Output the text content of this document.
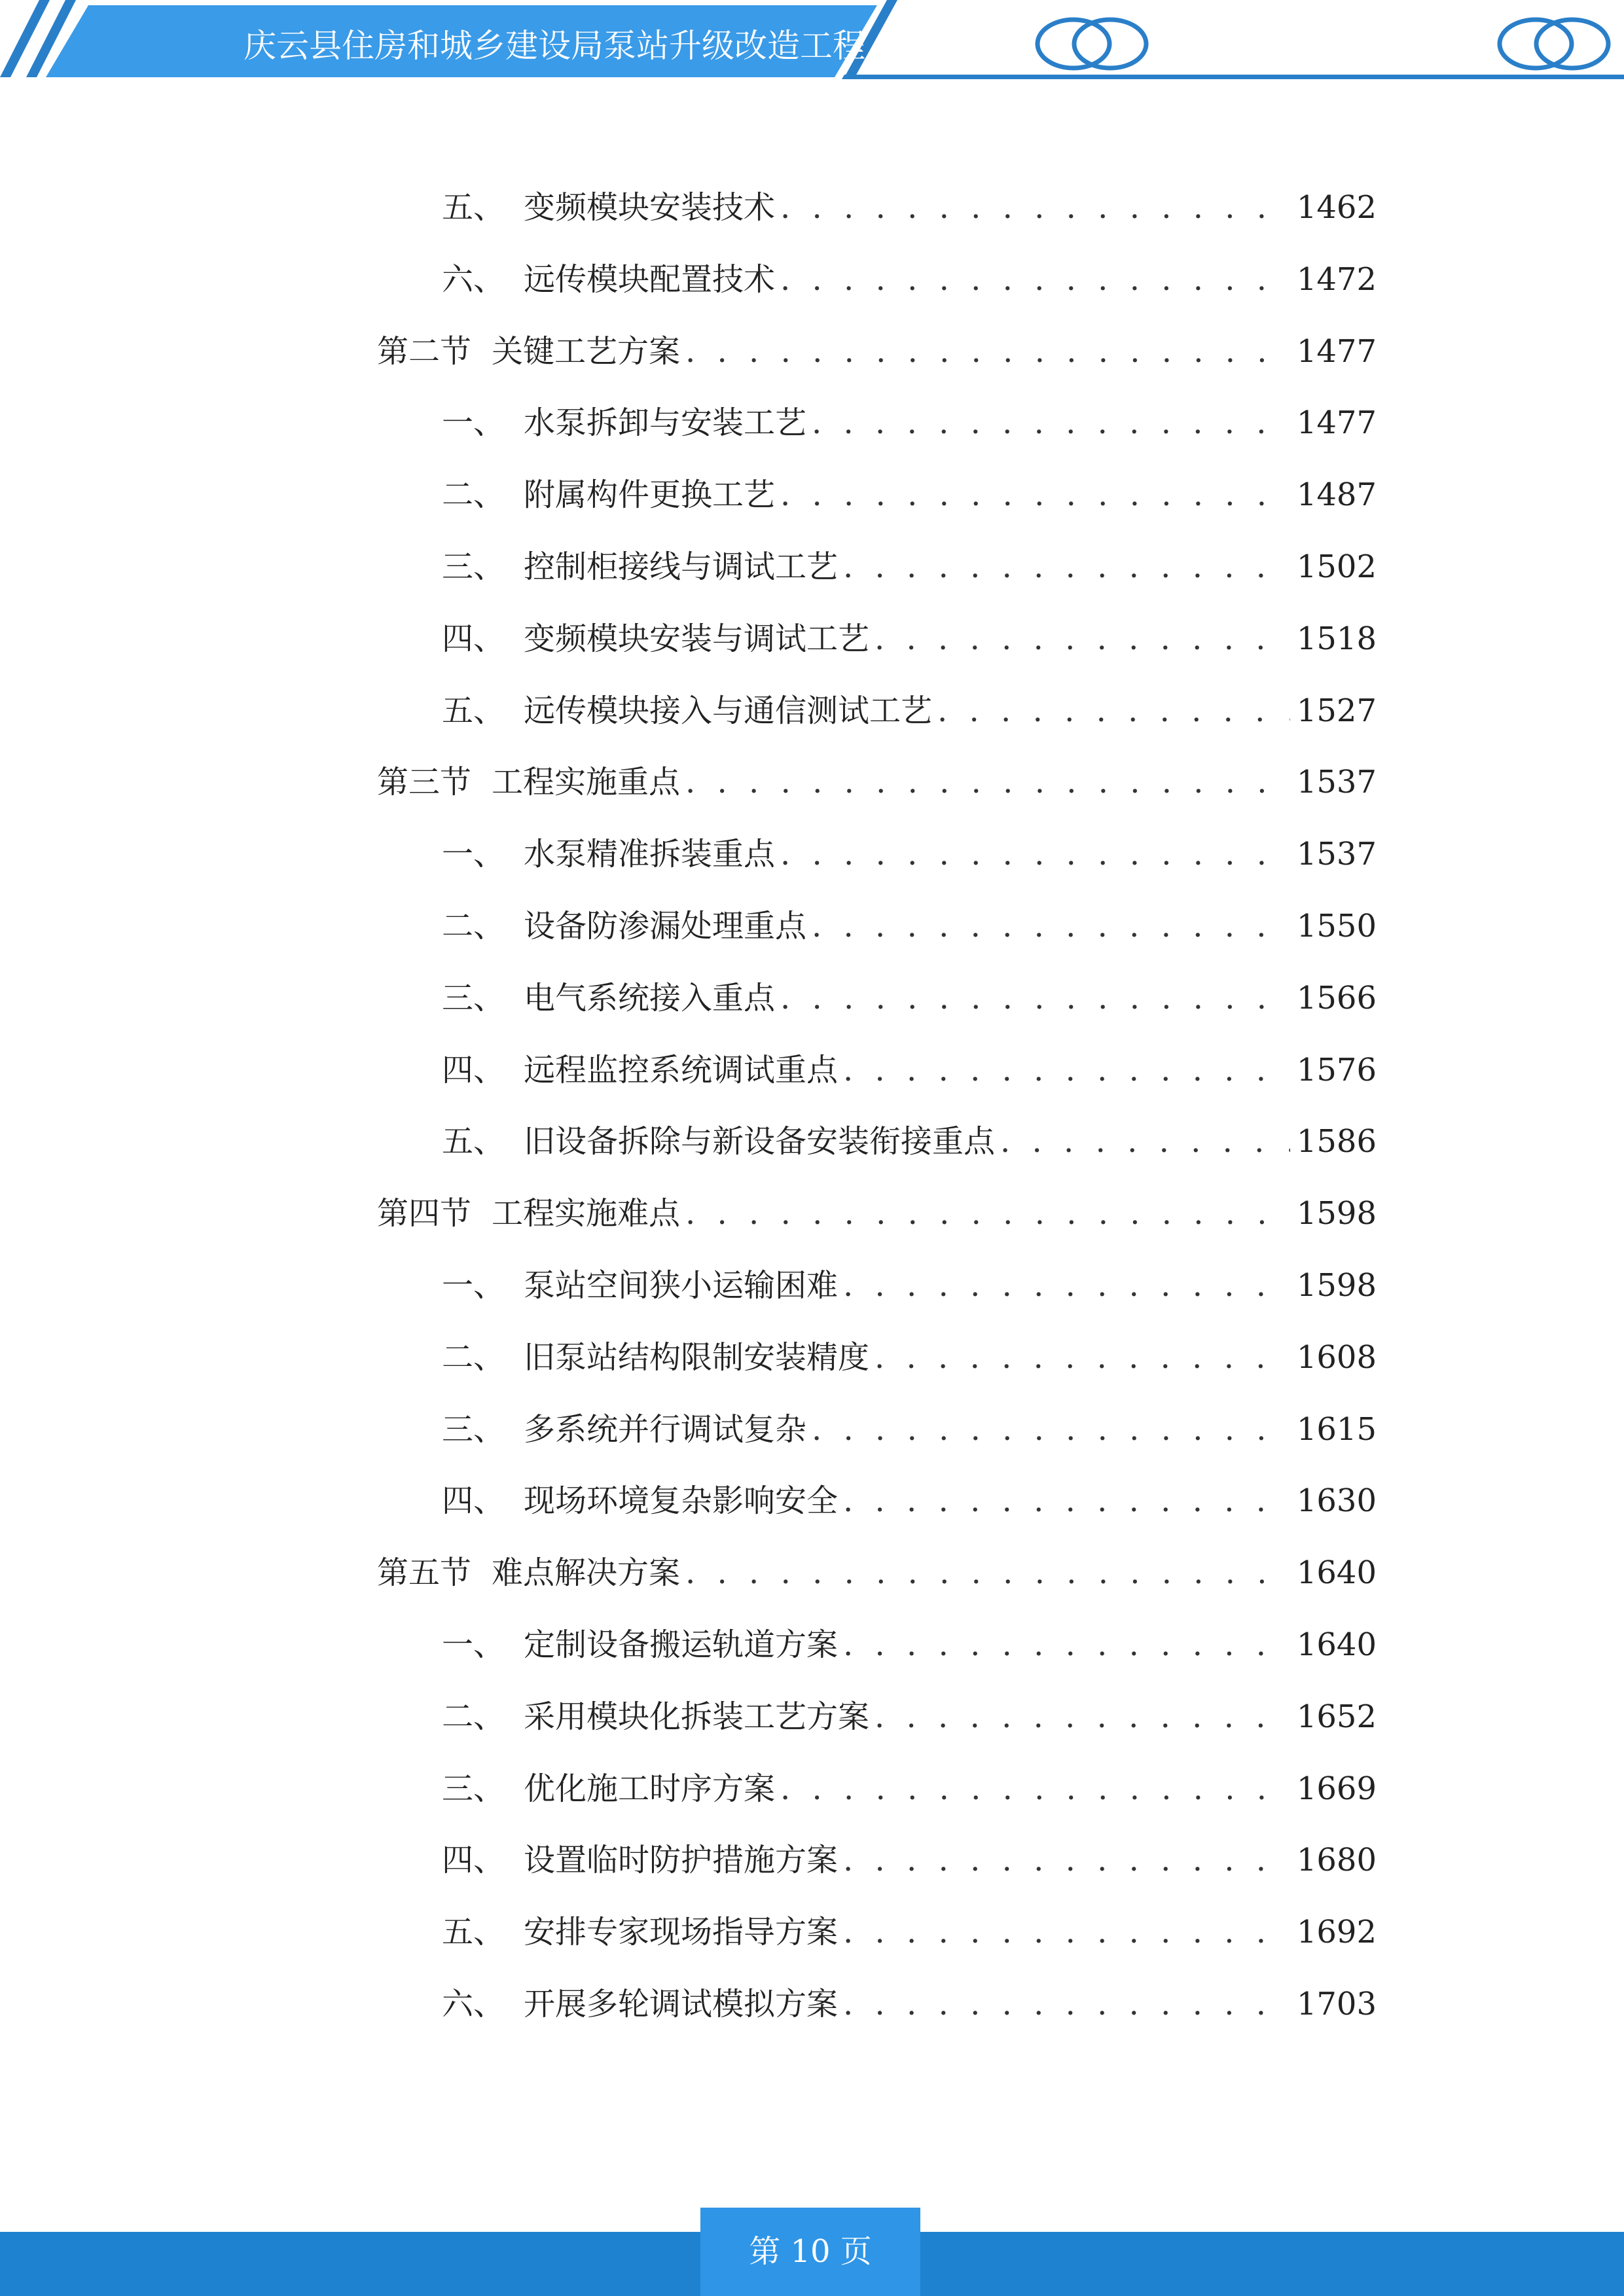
庆云县住房和城乡建设局泵站升级改造工程
五、 变频模块安装技术 . . .	1462
六、 远传模块配置技术 . . .	1472
第二节 关键工艺方案 . . .	1477
一、 水泵拆卸与安装工艺 . . .	1477
二、 附属构件更换工艺 . . .	1487
三、 控制柜接线与调试工艺 . . .	1502
四、 变频模块安装与调试工艺 . . .	1518
五、 远传模块接入与通信测试工艺 . . .	1527
第三节 工程实施重点 . . .	1537
一、 水泵精准拆装重点 . . .	1537
二、 设备防渗漏处理重点 . . .	1550
三、 电气系统接入重点 . . .	1566
四、 远程监控系统调试重点 . . .	1576
五、 旧设备拆除与新设备安装衔接重点 . . .	1586
第四节 工程实施难点 . . .	1598
一、 泵站空间狭小运输困难 . . .	1598
二、 旧泵站结构限制安装精度 . . .	1608
三、 多系统并行调试复杂 . . .	1615
四、 现场环境复杂影响安全 . . .	1630
第五节 难点解决方案 . . .	1640
一、 定制设备搬运轨道方案 . . .	1640
二、 采用模块化拆装工艺方案 . . .	1652
三、 优化施工时序方案 . . .	1669
四、 设置临时防护措施方案 . . .	1680
五、 安排专家现场指导方案 . . .	1692
六、 开展多轮调试模拟方案 . . .	1703
第 10 页
